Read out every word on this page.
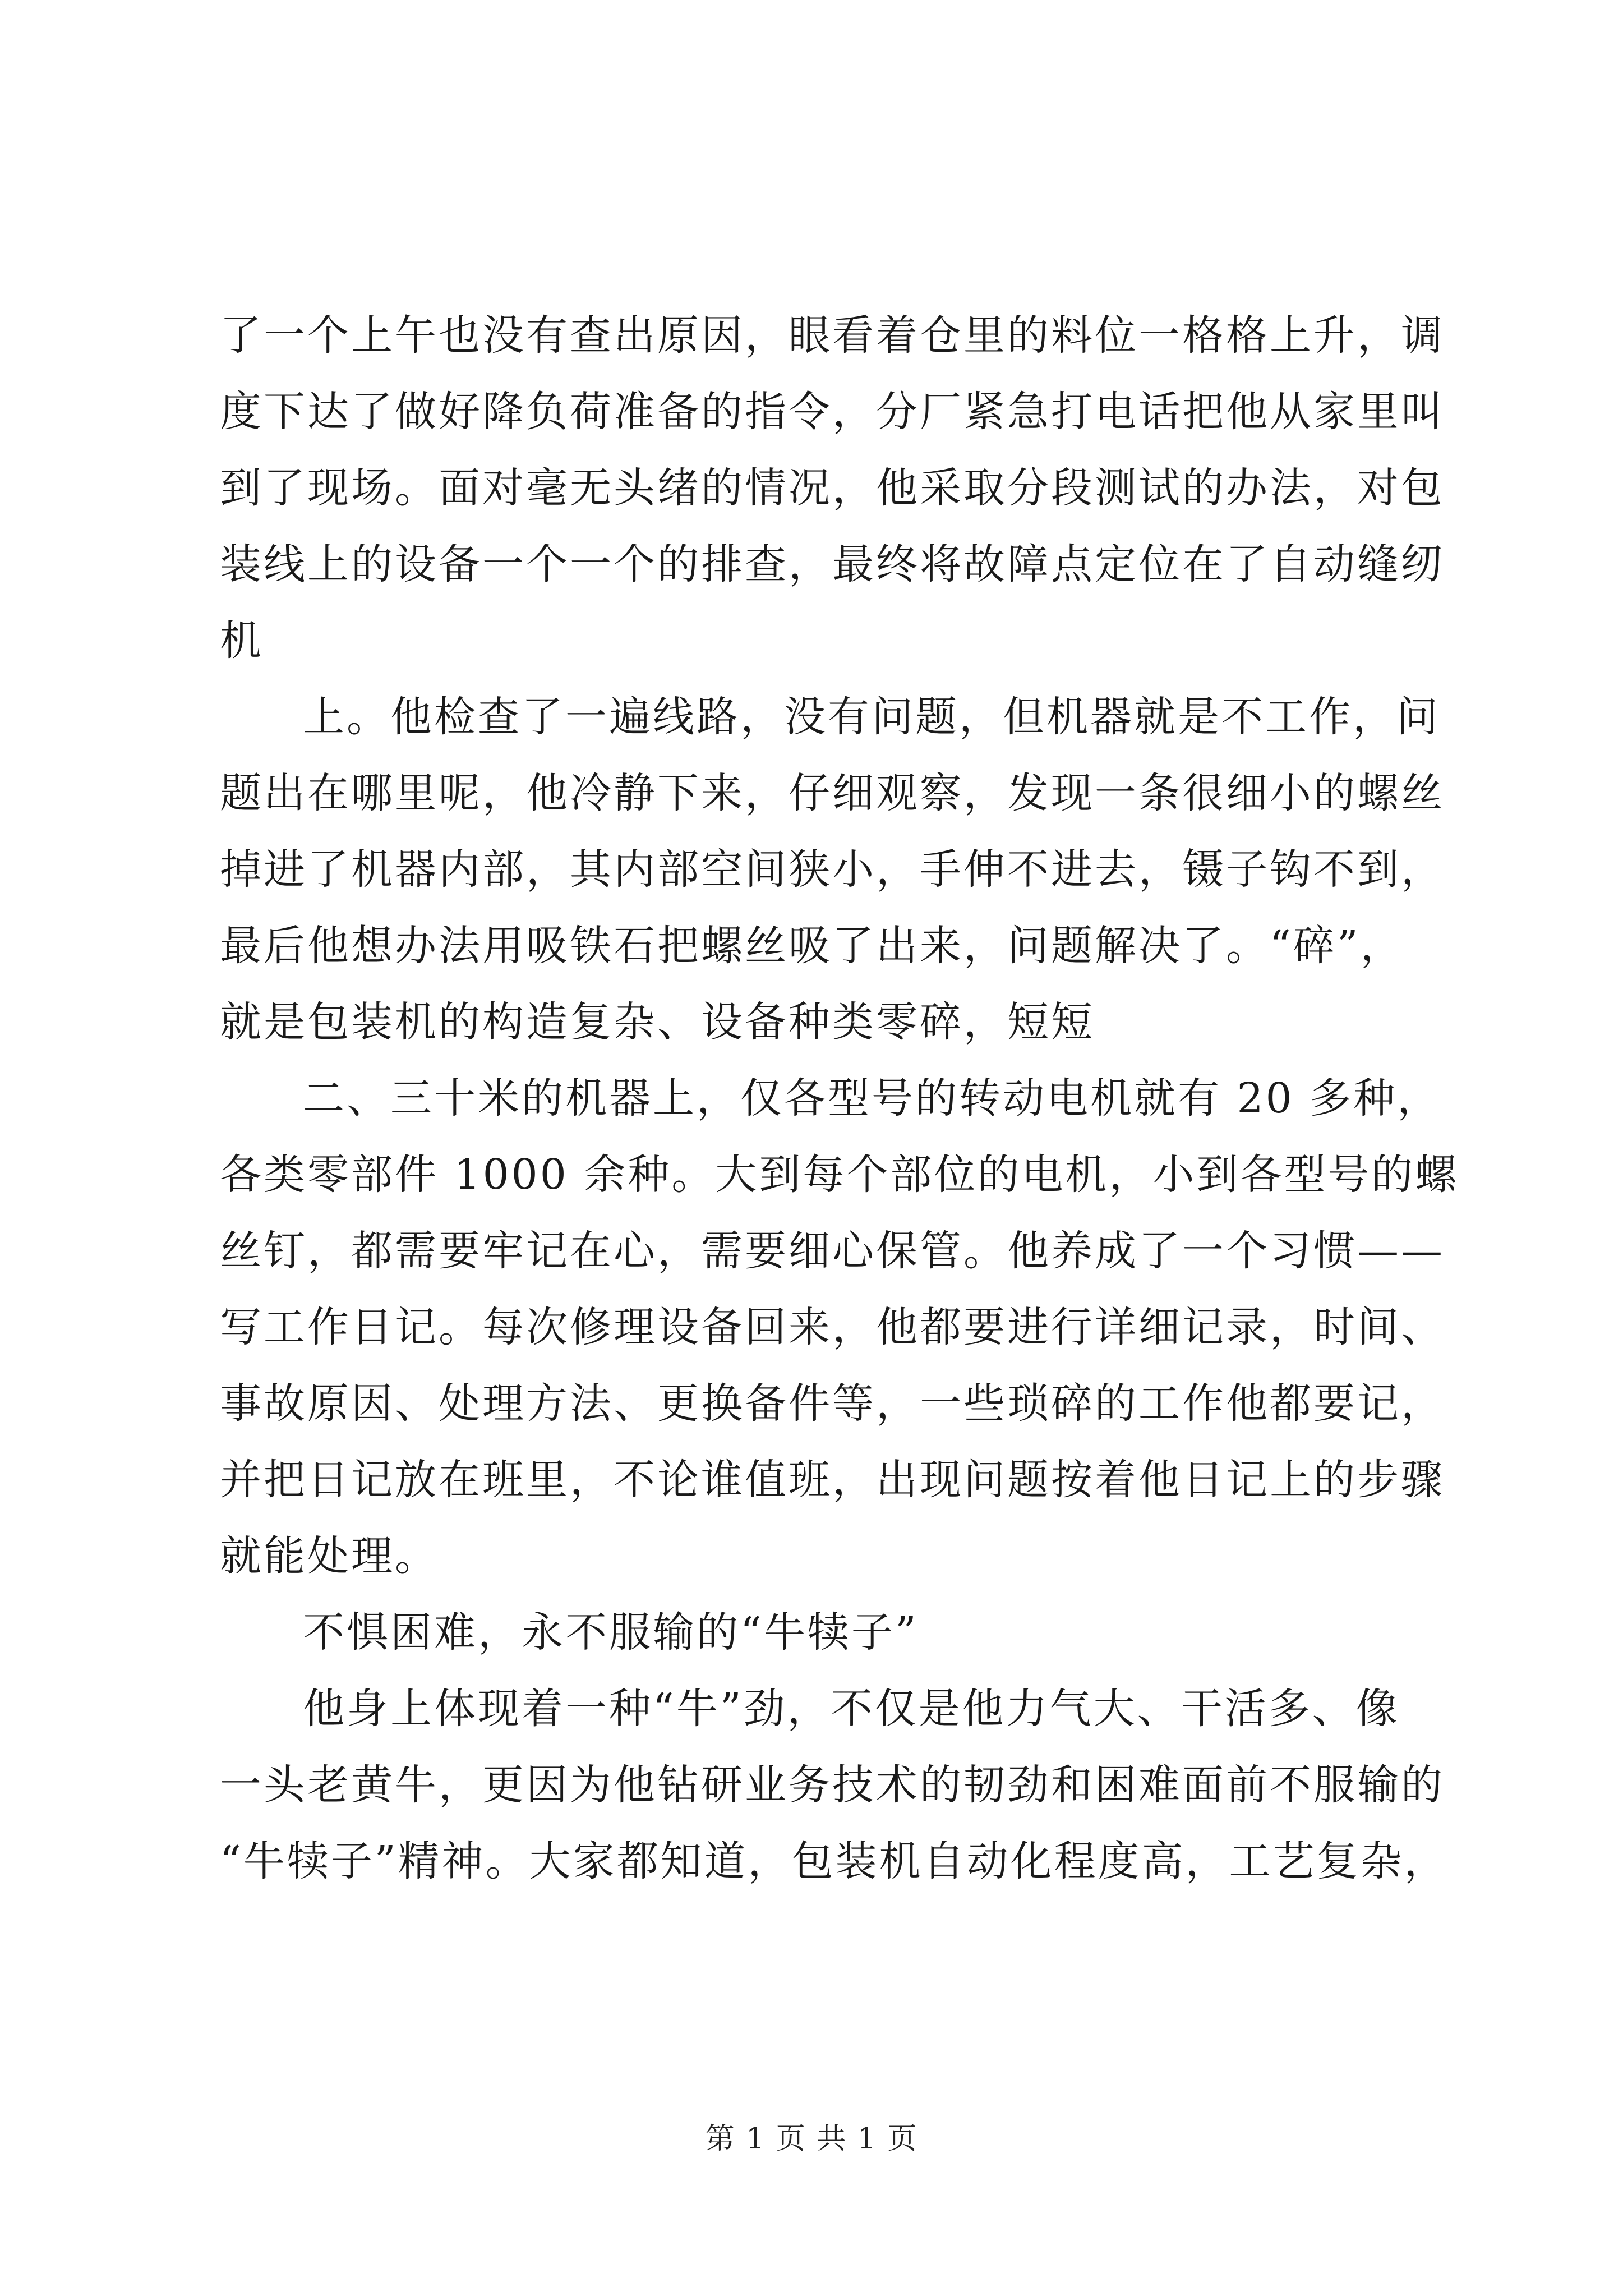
了一个上午也没有查出原因，眼看着仓里的料位一格格上升，调
度下达了做好降负荷准备的指令，分厂紧急打电话把他从家里叫
到了现场。面对毫无头绪的情况，他采取分段测试的办法，对包
装线上的设备一个一个的排查，最终将故障点定位在了自动缝纫
机
上。他检查了一遍线路，没有问题，但机器就是不工作，问
题出在哪里呢，他冷静下来，仔细观察，发现一条很细小的螺丝
掉进了机器内部，其内部空间狭小，手伸不进去，镊子钩不到，
最后他想办法用吸铁石把螺丝吸了出来，问题解决了。“碎”，
就是包装机的构造复杂、设备种类零碎，短短
二、三十米的机器上，仅各型号的转动电机就有 20 多种，
各类零部件 1000 余种。大到每个部位的电机，小到各型号的螺
丝钉，都需要牢记在心，需要细心保管。他养成了一个习惯——
写工作日记。每次修理设备回来，他都要进行详细记录，时间、
事故原因、处理方法、更换备件等，一些琐碎的工作他都要记，
并把日记放在班里，不论谁值班，出现问题按着他日记上的步骤
就能处理。
不惧困难，永不服输的“牛犊子”
他身上体现着一种“牛”劲，不仅是他力气大、干活多、像
一头老黄牛，更因为他钻研业务技术的韧劲和困难面前不服输的
“牛犊子”精神。大家都知道，包装机自动化程度高，工艺复杂，
第 1 页 共 1 页
